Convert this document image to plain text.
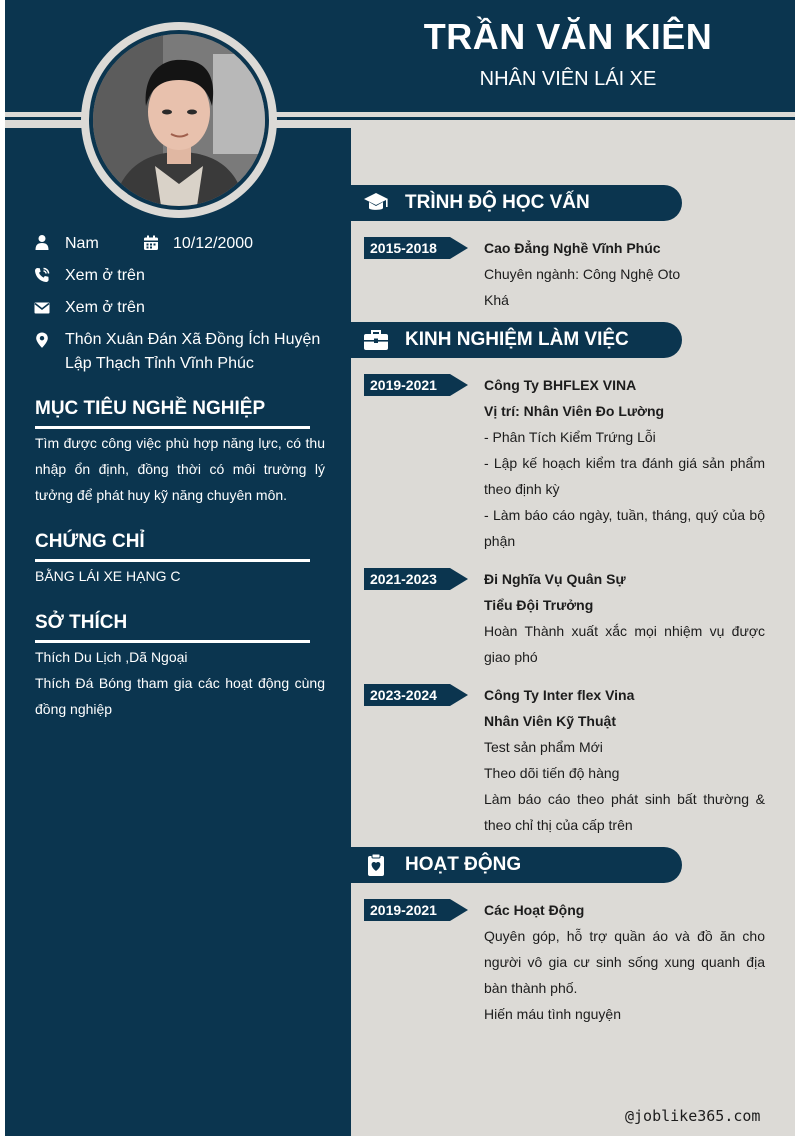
TRẦN VĂN KIÊN
NHÂN VIÊN LÁI XE
Nam	10/12/2000
Xem ở trên
Xem ở trên
Thôn Xuân Đán Xã Đồng Ích Huyện Lập Thạch Tỉnh Vĩnh Phúc
MỤC TIÊU NGHỀ NGHIỆP
Tìm được công việc phù hợp năng lực, có thu nhập ổn định, đồng thời có môi trường lý tưởng để phát huy kỹ năng chuyên môn.
CHỨNG CHỈ
BẰNG LÁI XE HẠNG C
SỞ THÍCH
Thích Du Lịch ,Dã Ngoại
Thích Đá Bóng tham gia các hoạt động cùng đồng nghiệp
TRÌNH ĐỘ HỌC VẤN
2015-2018	Cao Đẳng Nghề Vĩnh Phúc
Chuyên ngành: Công Nghệ Oto
Khá
KINH NGHIỆM LÀM VIỆC
2019-2021	Công Ty BHFLEX VINA
Vị trí: Nhân Viên Đo Lường
- Phân Tích Kiểm Trứng Lỗi
- Lập kế hoạch kiểm tra đánh giá sản phẩm theo định kỳ
- Làm báo cáo ngày, tuần, tháng, quý của bộ phận
2021-2023	Đi Nghĩa Vụ Quân Sự
Tiểu Đội Trưởng
Hoàn Thành xuất xắc mọi nhiệm vụ được giao phó
2023-2024	Công Ty Inter flex Vina
Nhân Viên Kỹ Thuật
Test sản phẩm Mới
Theo dõi tiến độ hàng
Làm báo cáo theo phát sinh bất thường & theo chỉ thị của cấp trên
HOẠT ĐỘNG
2019-2021	Các Hoạt Động
Quyên góp, hỗ trợ quần áo và đồ ăn cho người vô gia cư sinh sống xung quanh địa bàn thành phố.
Hiến máu tình nguyện
@joblike365.com
